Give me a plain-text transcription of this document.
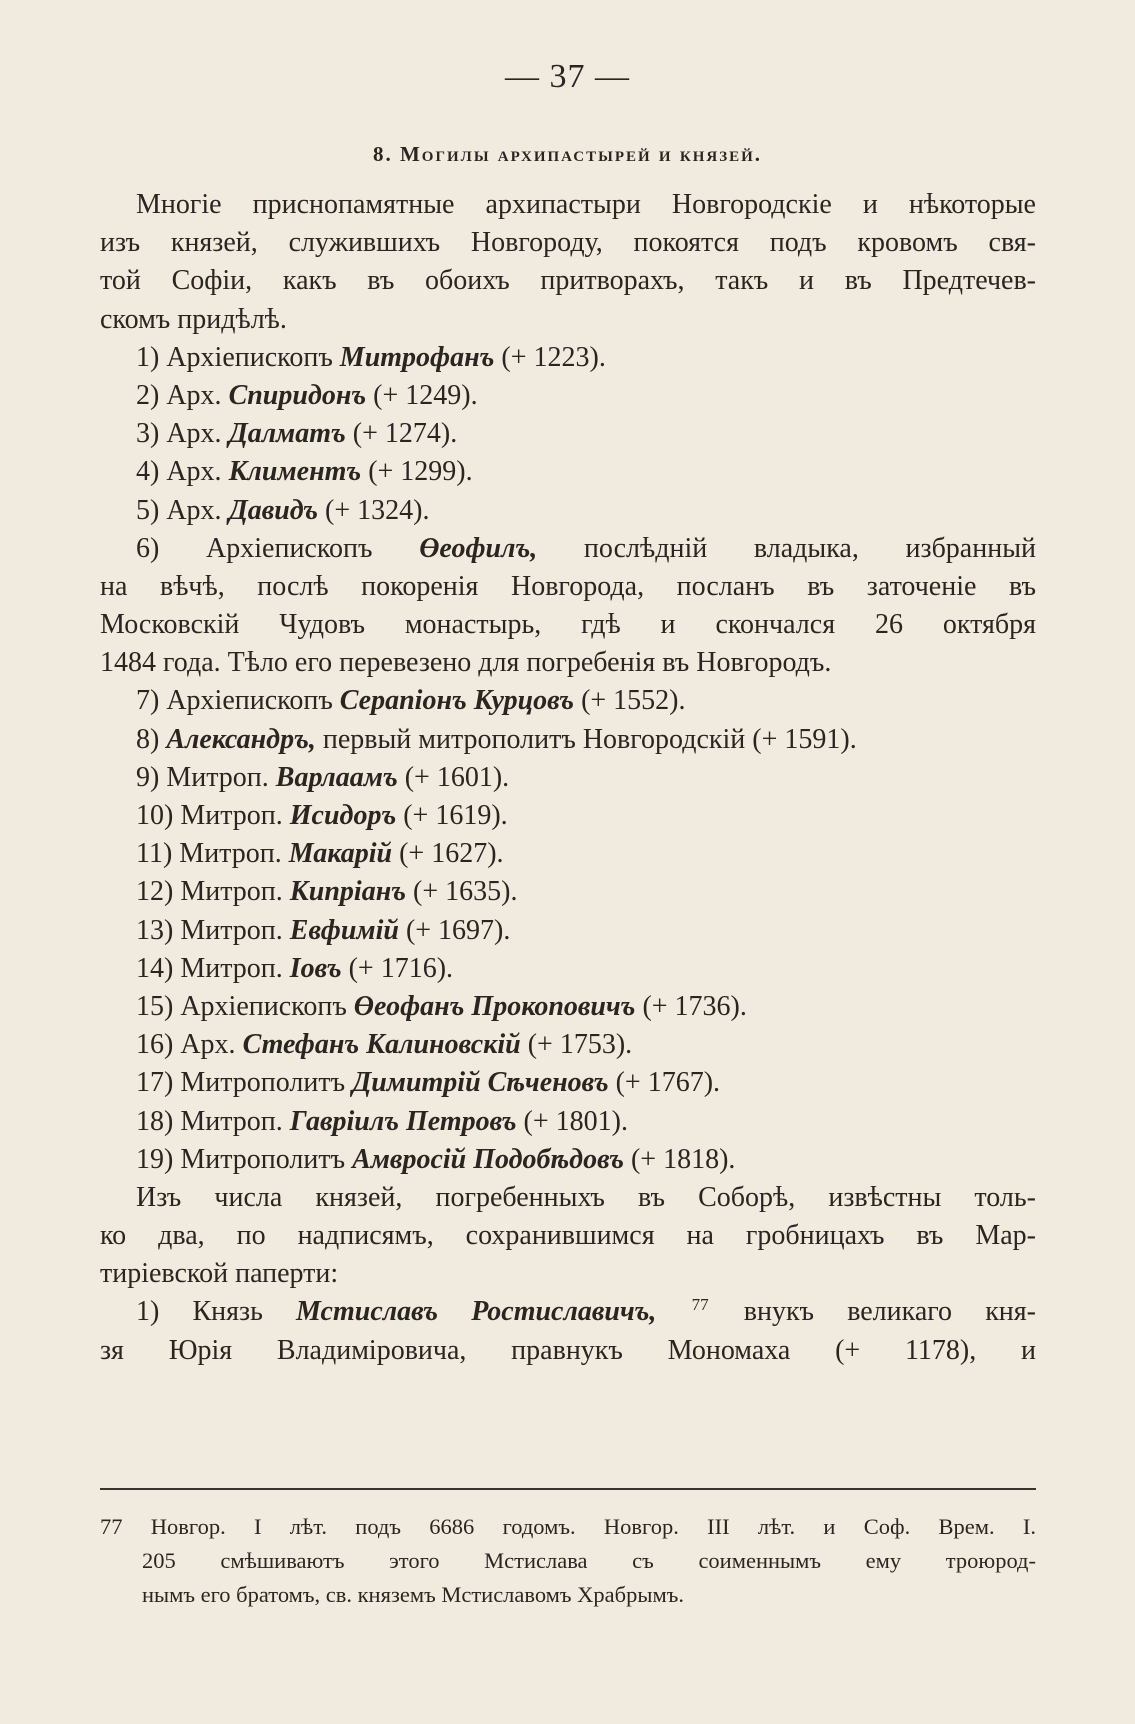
— 37 —
8. Могилы архипастырей и князей.
Многіе приснопамятные архипастыри Новгородскіе и нѣкоторые
изъ князей, служившихъ Новгороду, покоятся подъ кровомъ свя-
той Софіи, какъ въ обоихъ притворахъ, такъ и въ Предтечев-
скомъ придѣлѣ.
1) Архіепископъ Митрофанъ (+ 1223).
2) Арх. Спиридонъ (+ 1249).
3) Арх. Далматъ (+ 1274).
4) Арх. Климентъ (+ 1299).
5) Арх. Давидъ (+ 1324).
6) Архіепископъ Өеофилъ, послѣдній владыка, избранный
на вѣчѣ, послѣ покоренія Новгорода, посланъ въ заточеніе въ
Московскій Чудовъ монастырь, гдѣ и скончался 26 октября
1484 года. Тѣло его перевезено для погребенія въ Новгородъ.
7) Архіепископъ Серапіонъ Курцовъ (+ 1552).
8) Александръ, первый митрополитъ Новгородскій (+ 1591).
9) Митроп. Варлаамъ (+ 1601).
10) Митроп. Исидоръ (+ 1619).
11) Митроп. Макарій (+ 1627).
12) Митроп. Кипріанъ (+ 1635).
13) Митроп. Евфимій (+ 1697).
14) Митроп. Іовъ (+ 1716).
15) Архіепископъ Өеофанъ Прокоповичъ (+ 1736).
16) Арх. Стефанъ Калиновскій (+ 1753).
17) Митрополитъ Димитрій Сѣченовъ (+ 1767).
18) Митроп. Гавріилъ Петровъ (+ 1801).
19) Митрополитъ Амвросій Подобѣдовъ (+ 1818).
Изъ числа князей, погребенныхъ въ Соборѣ, извѣстны толь-
ко два, по надписямъ, сохранившимся на гробницахъ въ Мар-
тиріевской паперти:
1) Князь Мстиславъ Ростиславичъ, $^{77}$ внукъ великаго кня-
зя Юрія Владиміровича, правнукъ Мономаха (+ 1178), и
77 Новгор. I лѣт. подъ 6686 годомъ. Новгор. III лѣт. и Соф. Врем. I.
205 смѣшиваютъ этого Мстислава съ соименнымъ ему троюрод-
нымъ его братомъ, св. княземъ Мстиславомъ Храбрымъ.
